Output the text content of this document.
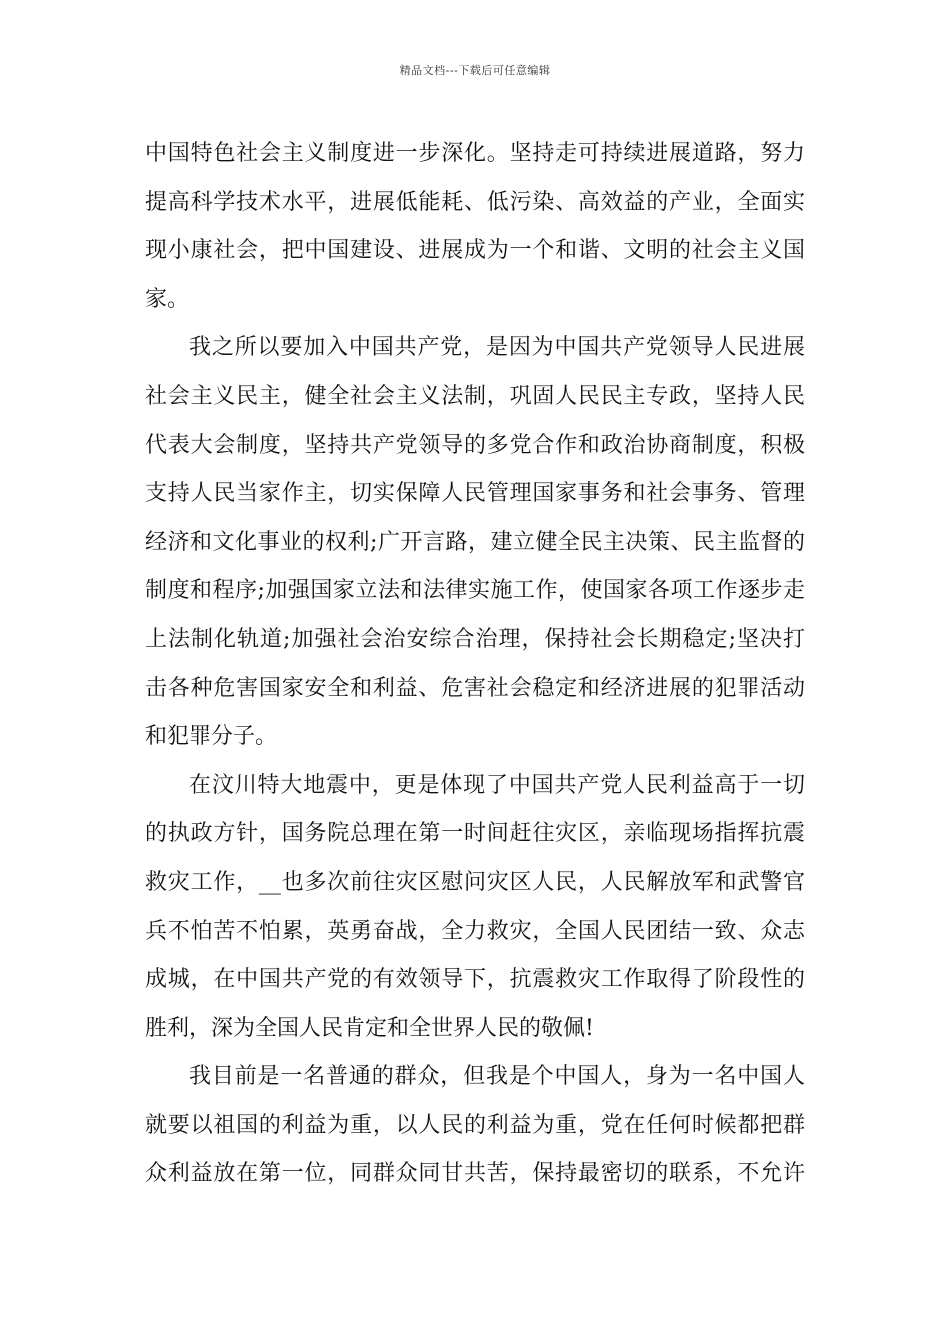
精品文档---下载后可任意编辑
中国特色社会主义制度进一步深化。坚持走可持续进展道路，努力
提高科学技术水平，进展低能耗、低污染、高效益的产业，全面实
现小康社会，把中国建设、进展成为一个和谐、文明的社会主义国
家。
我之所以要加入中国共产党，是因为中国共产党领导人民进展
社会主义民主，健全社会主义法制，巩固人民民主专政，坚持人民
代表大会制度，坚持共产党领导的多党合作和政治协商制度，积极
支持人民当家作主，切实保障人民管理国家事务和社会事务、管理
经济和文化事业的权利;广开言路，建立健全民主决策、民主监督的
制度和程序;加强国家立法和法律实施工作，使国家各项工作逐步走
上法制化轨道;加强社会治安综合治理，保持社会长期稳定;坚决打
击各种危害国家安全和利益、危害社会稳定和经济进展的犯罪活动
和犯罪分子。
在汶川特大地震中，更是体现了中国共产党人民利益高于一切
的执政方针，国务院总理在第一时间赶往灾区，亲临现场指挥抗震
救灾工作，__也多次前往灾区慰问灾区人民，人民解放军和武警官
兵不怕苦不怕累，英勇奋战，全力救灾，全国人民团结一致、众志
成城，在中国共产党的有效领导下，抗震救灾工作取得了阶段性的
胜利，深为全国人民肯定和全世界人民的敬佩!
我目前是一名普通的群众，但我是个中国人，身为一名中国人
就要以祖国的利益为重，以人民的利益为重，党在任何时候都把群
众利益放在第一位，同群众同甘共苦，保持最密切的联系，不允许
